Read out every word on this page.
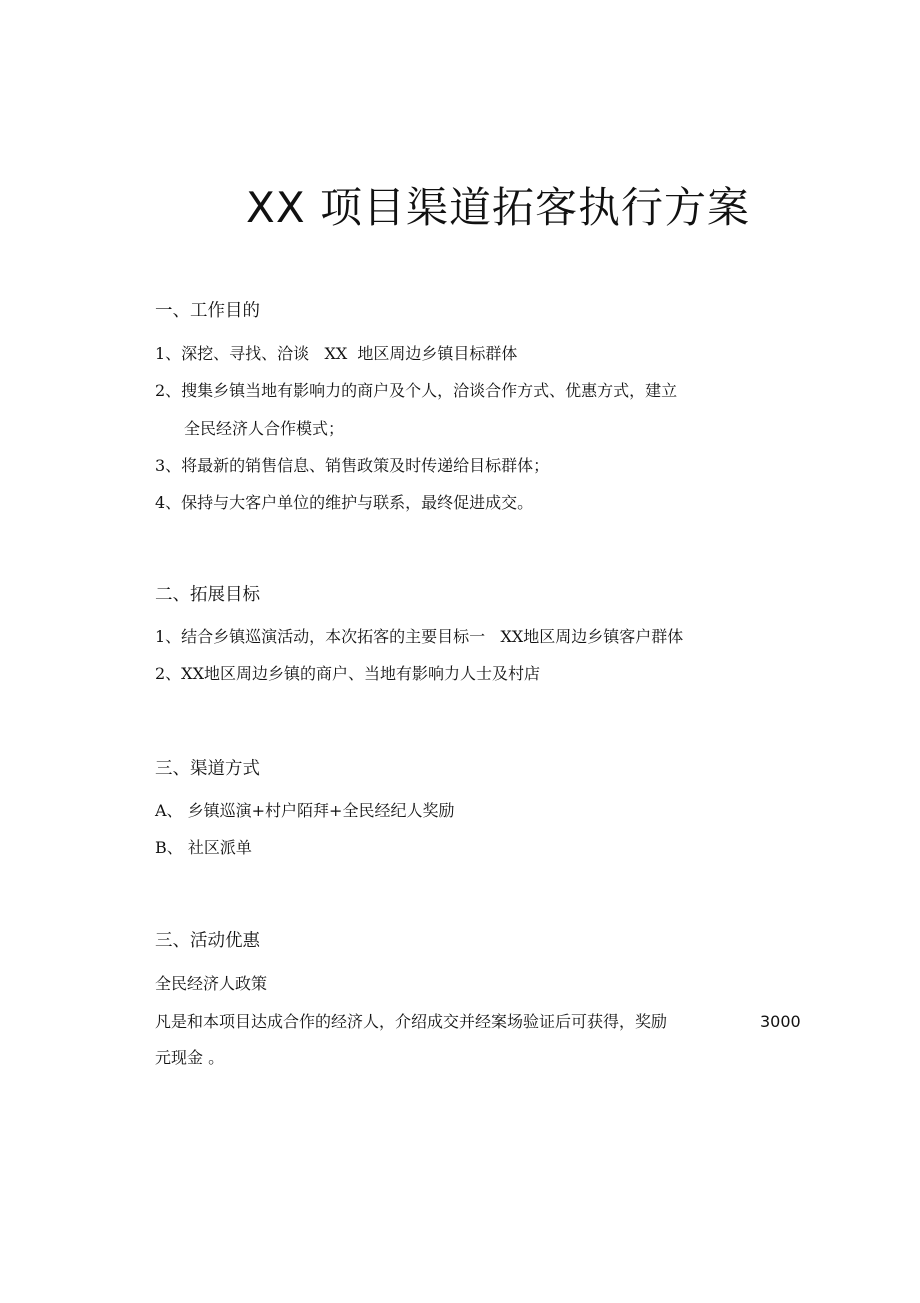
XX 项目渠道拓客执行方案
一、工作目的
1、深挖、寻找、洽谈   XX  地区周边乡镇目标群体
2、搜集乡镇当地有影响力的商户及个人，洽谈合作方式、优惠方式，建立
全民经济人合作模式；
3、将最新的销售信息、销售政策及时传递给目标群体；
4、保持与大客户单位的维护与联系，最终促进成交。
二、拓展目标
1、结合乡镇巡演活动，本次拓客的主要目标一   XX地区周边乡镇客户群体
2、XX地区周边乡镇的商户、当地有影响力人士及村店
三、渠道方式
A、 乡镇巡演+村户陌拜+全民经纪人奖励
B、 社区派单
三、活动优惠
全民经济人政策
凡是和本项目达成合作的经济人，介绍成交并经案场验证后可获得，奖励	3000
元现金 。
